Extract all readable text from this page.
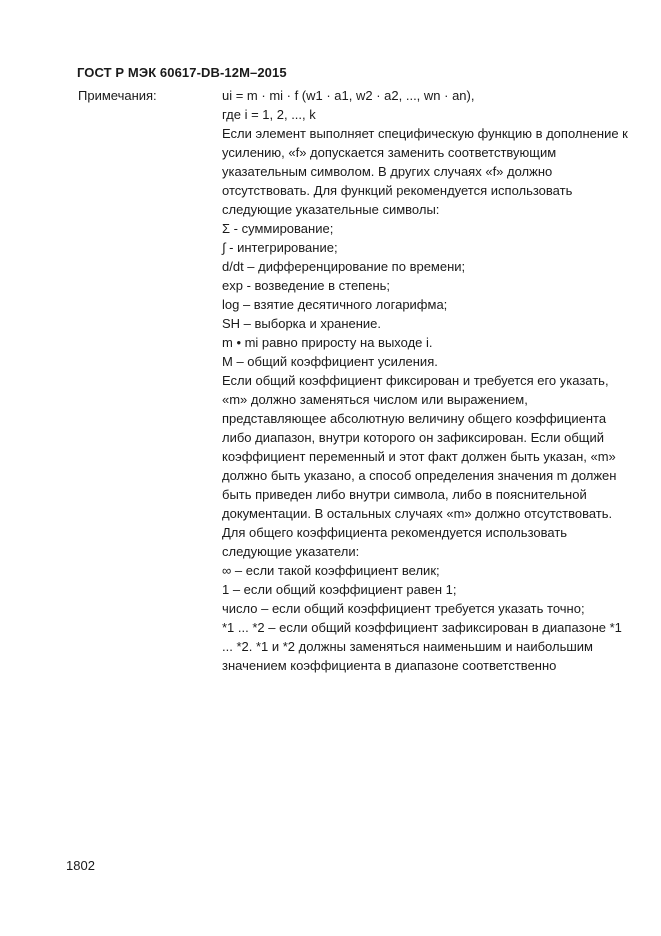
ГОСТ Р МЭК 60617-DB-12M–2015
Примечания:	ui = m · mi · f (w1 · a1, w2 · a2, ..., wn · an),
где i = 1, 2, ..., k
Если элемент выполняет специфическую функцию в дополнение к
усилению, «f» допускается заменить соответствующим
указательным символом. В других случаях «f» должно
отсутствовать. Для функций рекомендуется использовать
следующие указательные символы:
Σ - суммирование;
∫ - интегрирование;
d/dt – дифференцирование по времени;
exp - возведение в степень;
log – взятие десятичного логарифма;
SH – выборка и хранение.
m • mi равно приросту на выходе i.
M – общий коэффициент усиления.
Если общий коэффициент фиксирован и требуется его указать,
«m» должно заменяться числом или выражением,
представляющее абсолютную величину общего коэффициента
либо диапазон, внутри которого он зафиксирован. Если общий
коэффициент переменный и этот факт должен быть указан, «m»
должно быть указано, а способ определения значения m должен
быть приведен либо внутри символа, либо в пояснительной
документации. В остальных случаях «m» должно отсутствовать.
Для общего коэффициента рекомендуется использовать
следующие указатели:
∞ – если такой коэффициент велик;
1 – если общий коэффициент равен 1;
число – если общий коэффициент требуется указать точно;
*1 ... *2 – если общий коэффициент зафиксирован в диапазоне *1
... *2. *1 и *2 должны заменяться наименьшим и наибольшим
значением коэффициента в диапазоне соответственно
1802
